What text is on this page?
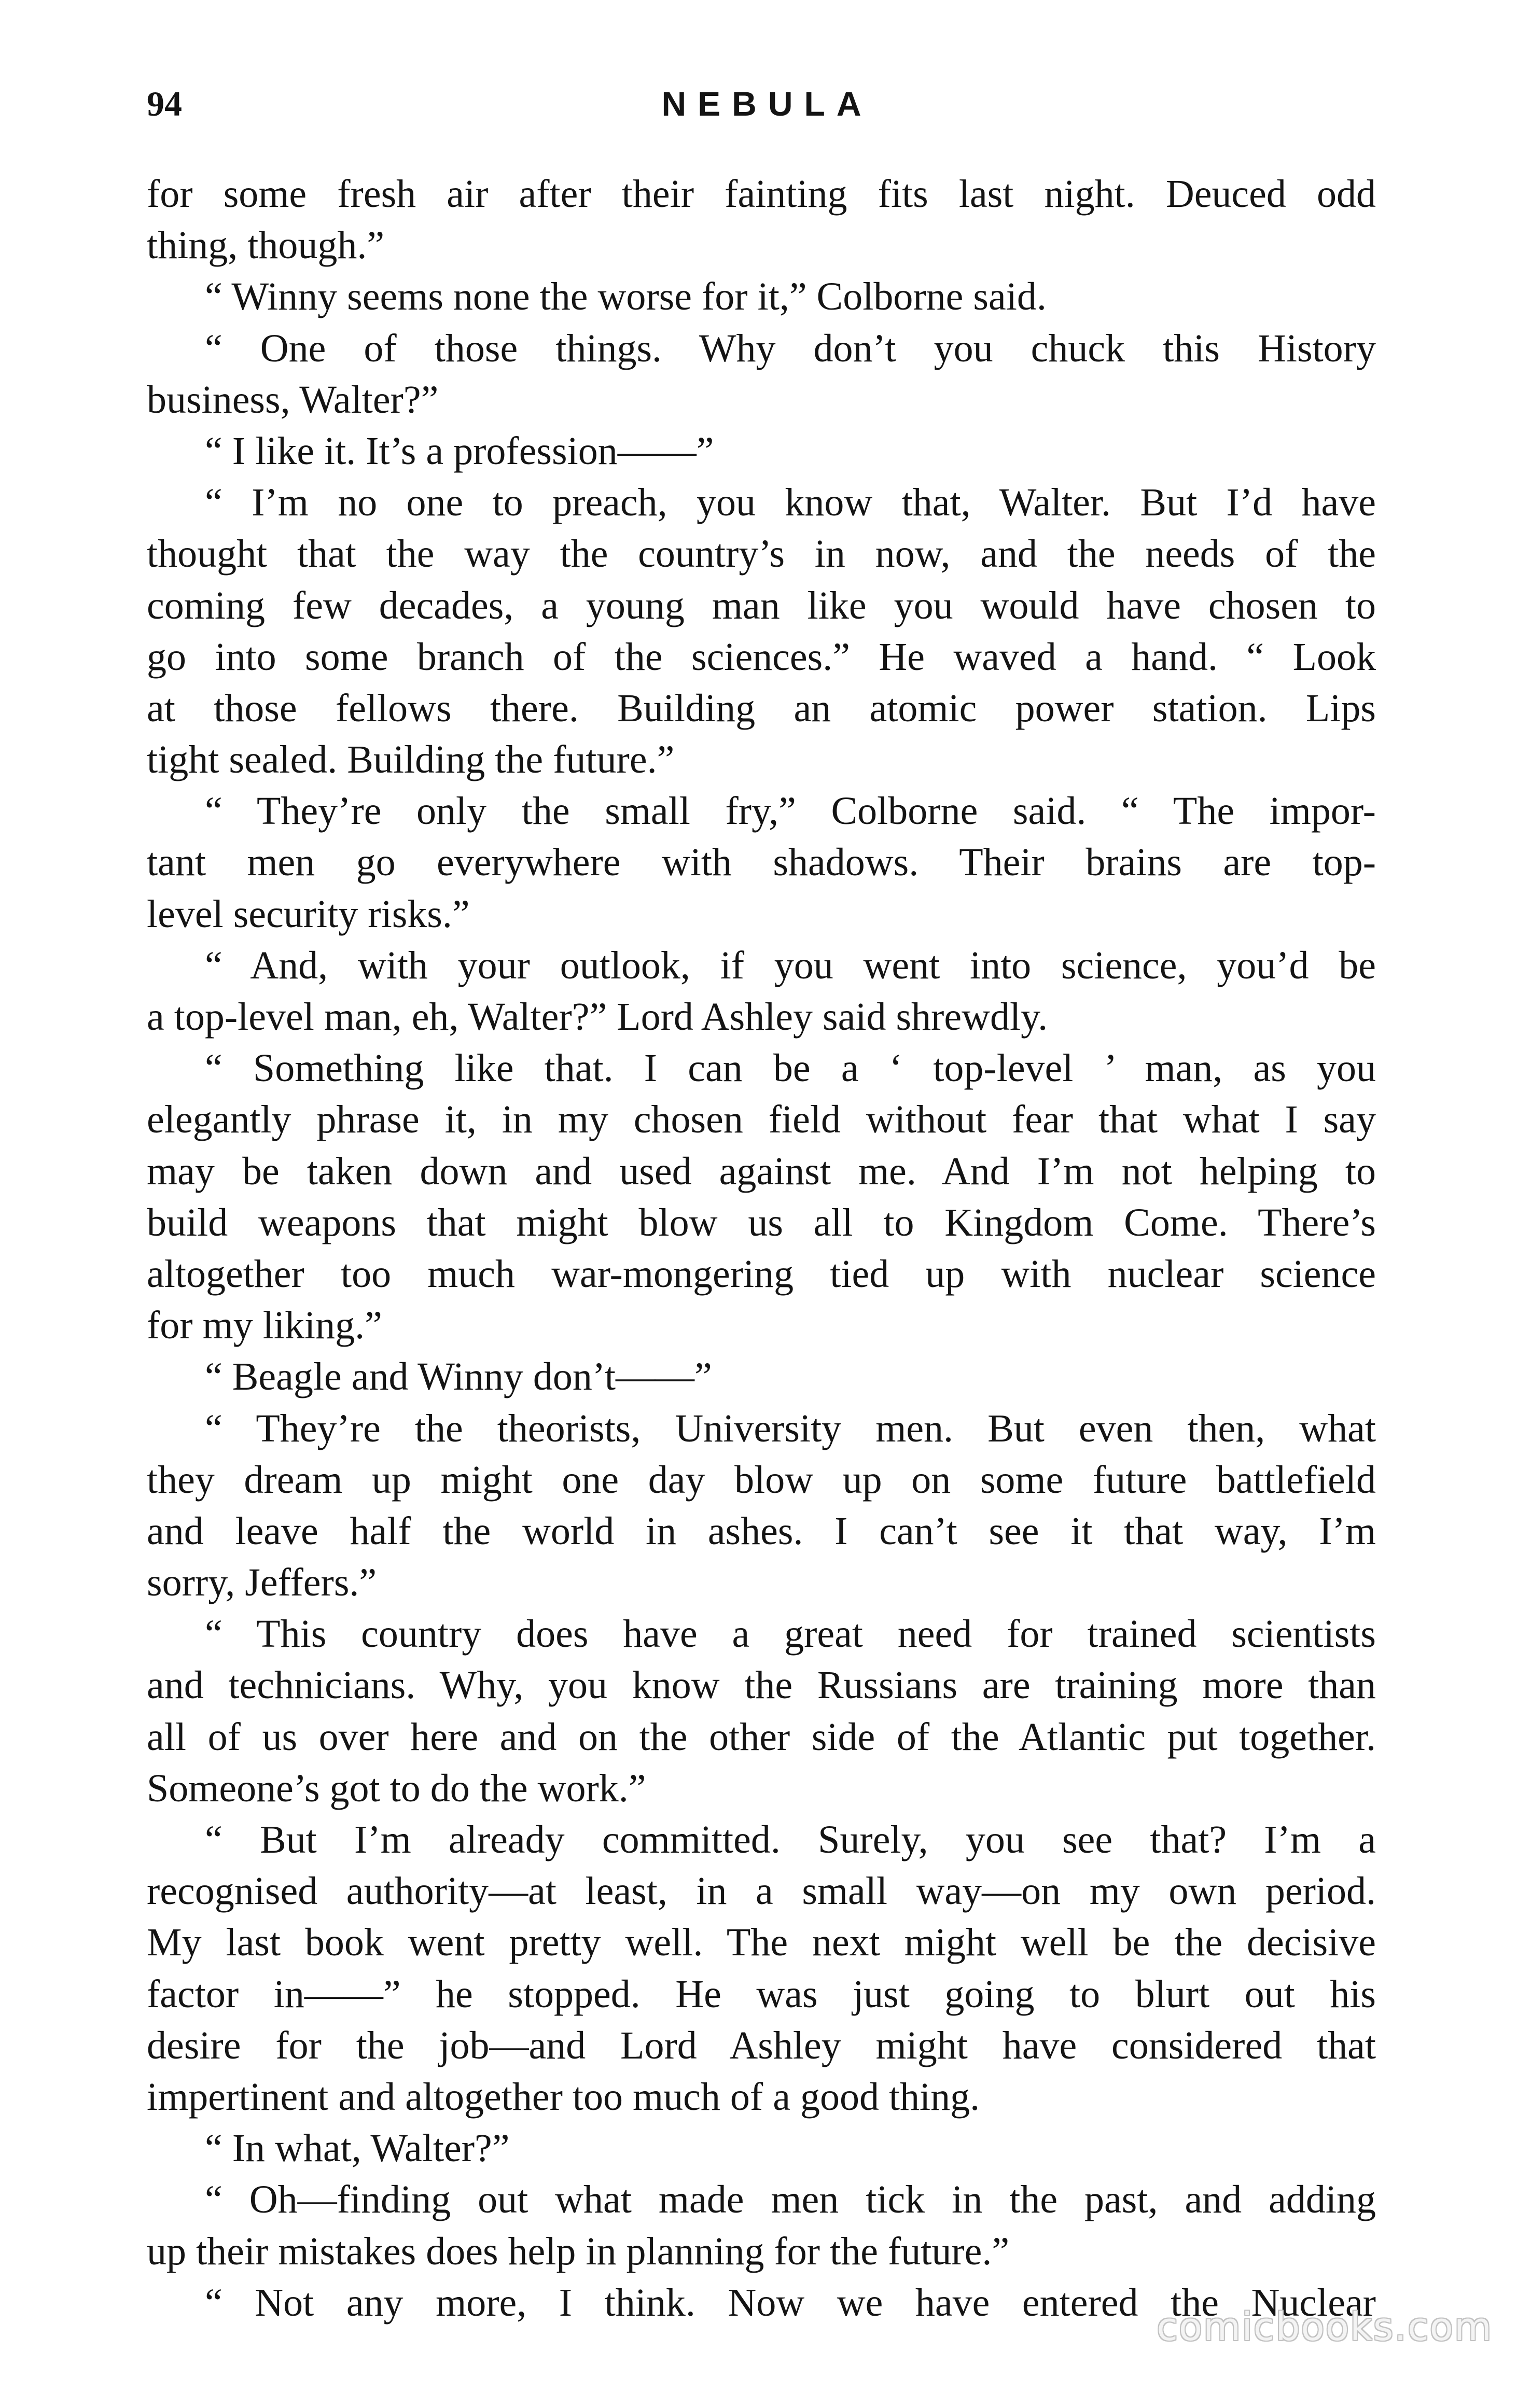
94	NEBULA
for some fresh air after their fainting fits last night. Deuced odd
thing, though.”
“ Winny seems none the worse for it,” Colborne said.
“ One of those things. Why don’t you chuck this History
business, Walter?”
“ I like it. It’s a profession——”
“ I’m no one to preach, you know that, Walter. But I’d have
thought that the way the country’s in now, and the needs of the
coming few decades, a young man like you would have chosen to
go into some branch of the sciences.” He waved a hand. “ Look
at those fellows there. Building an atomic power station. Lips
tight sealed. Building the future.”
“ They’re only the small fry,” Colborne said. “ The impor-
tant men go everywhere with shadows. Their brains are top-
level security risks.”
“ And, with your outlook, if you went into science, you’d be
a top-level man, eh, Walter?” Lord Ashley said shrewdly.
“ Something like that. I can be a ‘ top-level ’ man, as you
elegantly phrase it, in my chosen field without fear that what I say
may be taken down and used against me. And I’m not helping to
build weapons that might blow us all to Kingdom Come. There’s
altogether too much war-mongering tied up with nuclear science
for my liking.”
“ Beagle and Winny don’t——”
“ They’re the theorists, University men. But even then, what
they dream up might one day blow up on some future battlefield
and leave half the world in ashes. I can’t see it that way, I’m
sorry, Jeffers.”
“ This country does have a great need for trained scientists
and technicians. Why, you know the Russians are training more than
all of us over here and on the other side of the Atlantic put together.
Someone’s got to do the work.”
“ But I’m already committed. Surely, you see that? I’m a
recognised authority—at least, in a small way—on my own period.
My last book went pretty well. The next might well be the decisive
factor in——” he stopped. He was just going to blurt out his
desire for the job—and Lord Ashley might have considered that
impertinent and altogether too much of a good thing.
“ In what, Walter?”
“ Oh—finding out what made men tick in the past, and adding
up their mistakes does help in planning for the future.”
“ Not any more, I think. Now we have entered the Nuclear
comicbooks.com
